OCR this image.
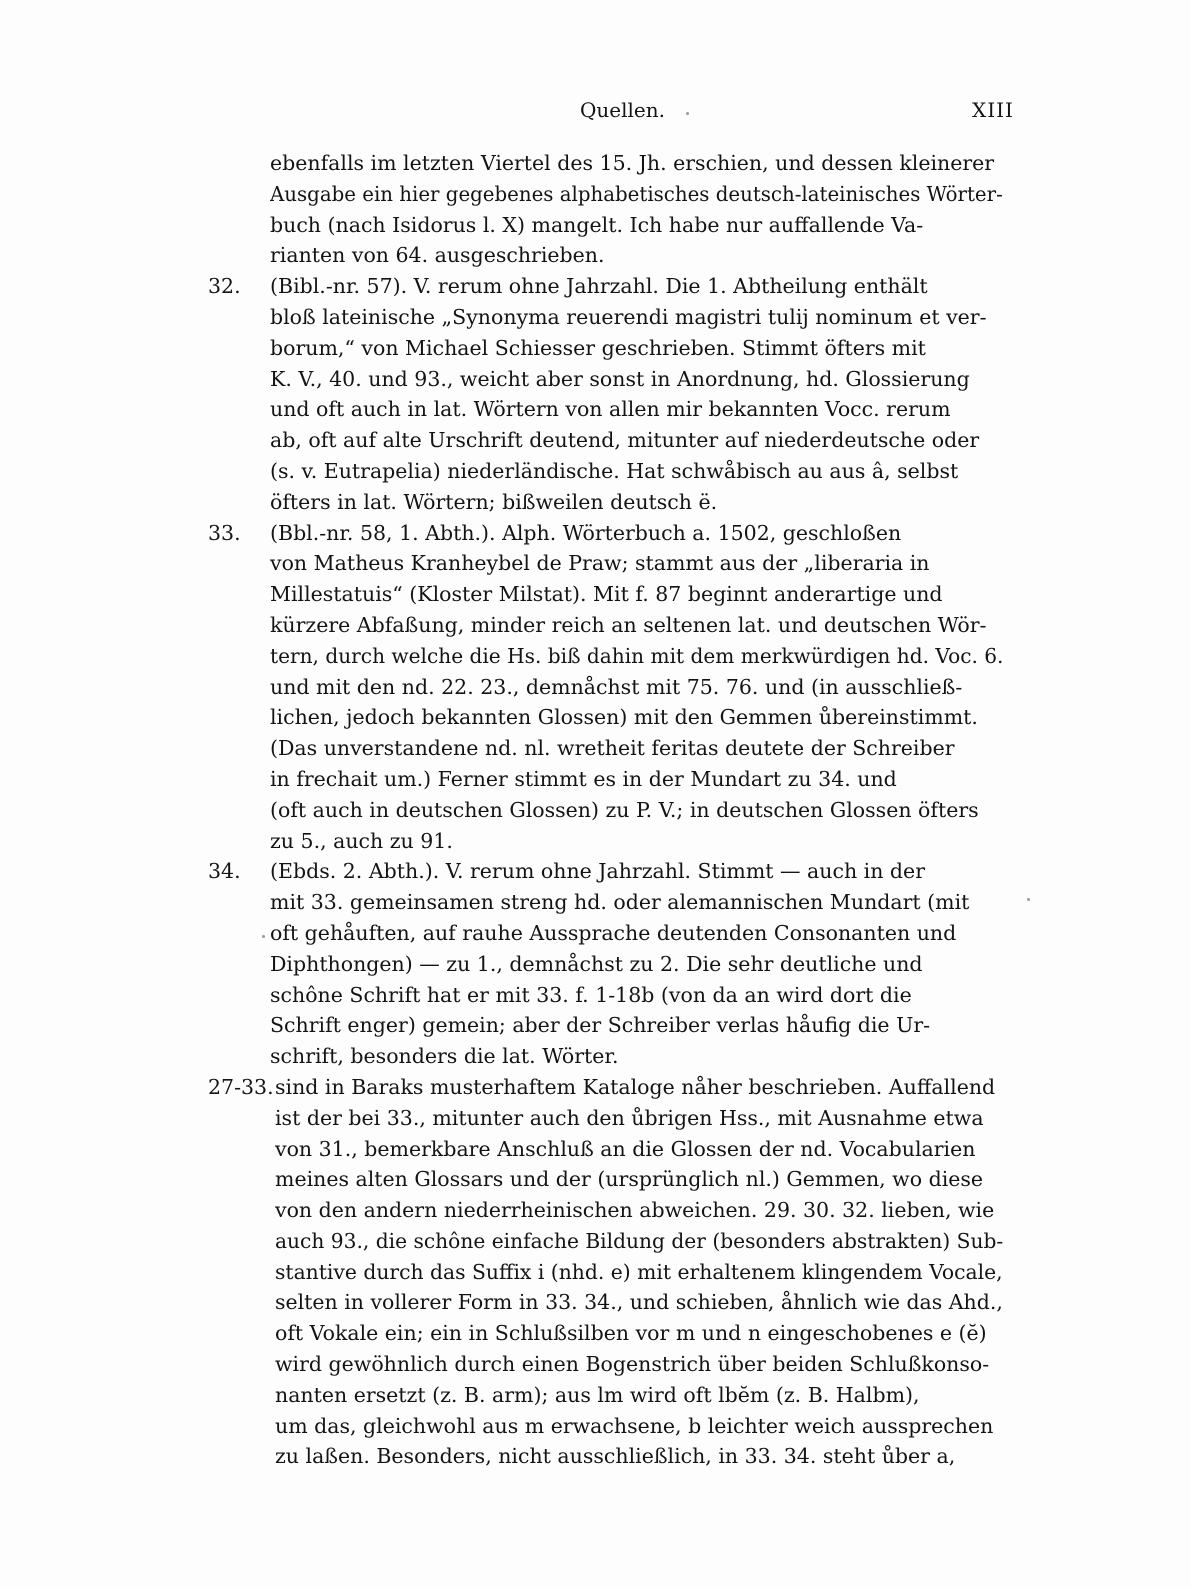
Quellen.	XIII
ebenfalls im letzten Viertel des 15. Jh. erschien, und dessen kleinerer
Ausgabe ein hier gegebenes alphabetisches deutsch-lateinisches Wörter-
buch (nach Isidorus l. X) mangelt. Ich habe nur auffallende Va-
rianten von 64. ausgeschrieben.
32. (Bibl.-nr. 57). V. rerum ohne Jahrzahl. Die 1. Abtheilung enthält
bloß lateinische „Synonyma reuerendi magistri tulij nominum et ver-
borum,“ von Michael Schiesser geschrieben. Stimmt öfters mit
K. V., 40. und 93., weicht aber sonst in Anordnung, hd. Glossierung
und oft auch in lat. Wörtern von allen mir bekannten Vocc. rerum
ab, oft auf alte Urschrift deutend, mitunter auf niederdeutsche oder
(s. v. Eutrapelia) niederländische. Hat schwåbisch au aus â, selbst
öfters in lat. Wörtern; bißweilen deutsch ë.
33. (Bbl.-nr. 58, 1. Abth.). Alph. Wörterbuch a. 1502, geschloßen
von Matheus Kranheybel de Praw; stammt aus der „liberaria in
Millestatuis“ (Kloster Milstat). Mit f. 87 beginnt anderartige und
kürzere Abfaßung, minder reich an seltenen lat. und deutschen Wör-
tern, durch welche die Hs. biß dahin mit dem merkwürdigen hd. Voc. 6.
und mit den nd. 22. 23., demnåchst mit 75. 76. und (in ausschließ-
lichen, jedoch bekannten Glossen) mit den Gemmen ůbereinstimmt.
(Das unverstandene nd. nl. wretheit feritas deutete der Schreiber
in frechait um.) Ferner stimmt es in der Mundart zu 34. und
(oft auch in deutschen Glossen) zu P. V.; in deutschen Glossen öfters
zu 5., auch zu 91.
34. (Ebds. 2. Abth.). V. rerum ohne Jahrzahl. Stimmt — auch in der
mit 33. gemeinsamen streng hd. oder alemannischen Mundart (mit
oft gehåuften, auf rauhe Aussprache deutenden Consonanten und
Diphthongen) — zu 1., demnåchst zu 2. Die sehr deutliche und
schône Schrift hat er mit 33. f. 1-18b (von da an wird dort die
Schrift enger) gemein; aber der Schreiber verlas håufig die Ur-
schrift, besonders die lat. Wörter.
27-33. sind in Baraks musterhaftem Kataloge nåher beschrieben. Auffallend
ist der bei 33., mitunter auch den ůbrigen Hss., mit Ausnahme etwa
von 31., bemerkbare Anschluß an die Glossen der nd. Vocabularien
meines alten Glossars und der (ursprünglich nl.) Gemmen, wo diese
von den andern niederrheinischen abweichen. 29. 30. 32. lieben, wie
auch 93., die schône einfache Bildung der (besonders abstrakten) Sub-
stantive durch das Suffix i (nhd. e) mit erhaltenem klingendem Vocale,
selten in vollerer Form in 33. 34., und schieben, åhnlich wie das Ahd.,
oft Vokale ein; ein in Schlußsilben vor m und n eingeschobenes e (ĕ)
wird gewöhnlich durch einen Bogenstrich über beiden Schlußkonso-
nanten ersetzt (z. B. arm); aus lm wird oft lbĕm (z. B. Halbm),
um das, gleichwohl aus m erwachsene, b leichter weich aussprechen
zu laßen. Besonders, nicht ausschließlich, in 33. 34. steht ůber a,
